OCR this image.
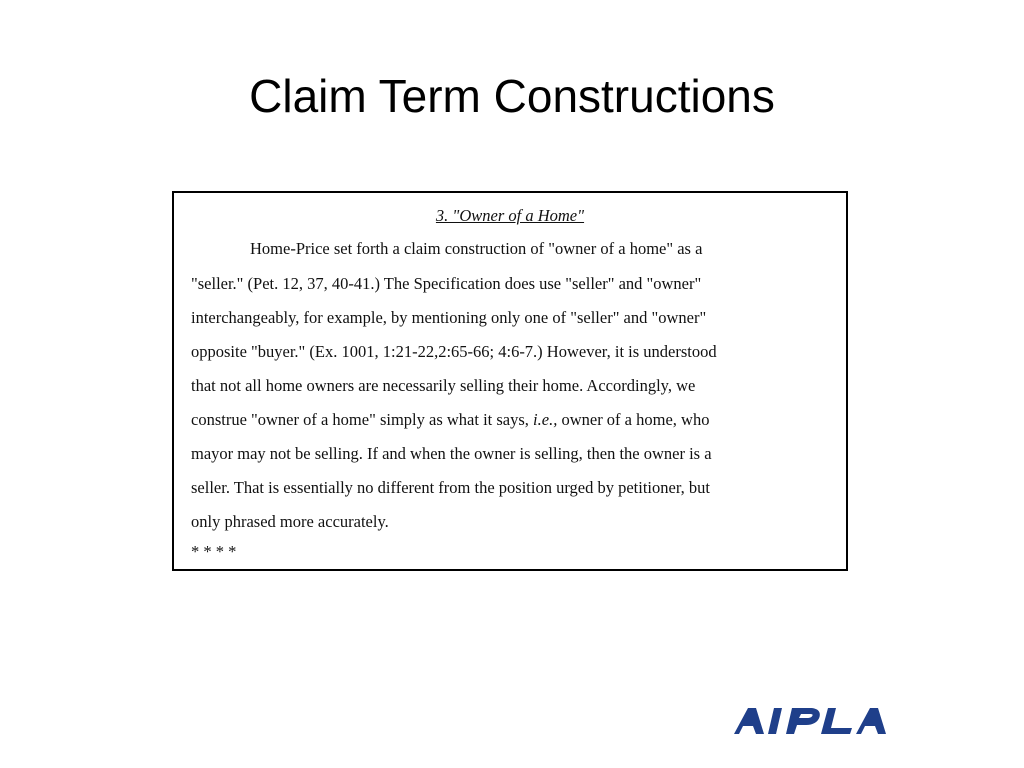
Claim Term Constructions
3. "Owner of a Home"
Home-Price set forth a claim construction of "owner of a home" as a
"seller." (Pet. 12, 37, 40-41.) The Specification does use "seller" and "owner"
interchangeably, for example, by mentioning only one of "seller" and "owner"
opposite "buyer." (Ex. 1001, 1:21-22,2:65-66; 4:6-7.) However, it is understood
that not all home owners are necessarily selling their home. Accordingly, we
construe "owner of a home" simply as what it says, i.e., owner of a home, who
mayor may not be selling. If and when the owner is selling, then the owner is a
seller. That is essentially no different from the position urged by petitioner, but
only phrased more accurately.
* * * *
